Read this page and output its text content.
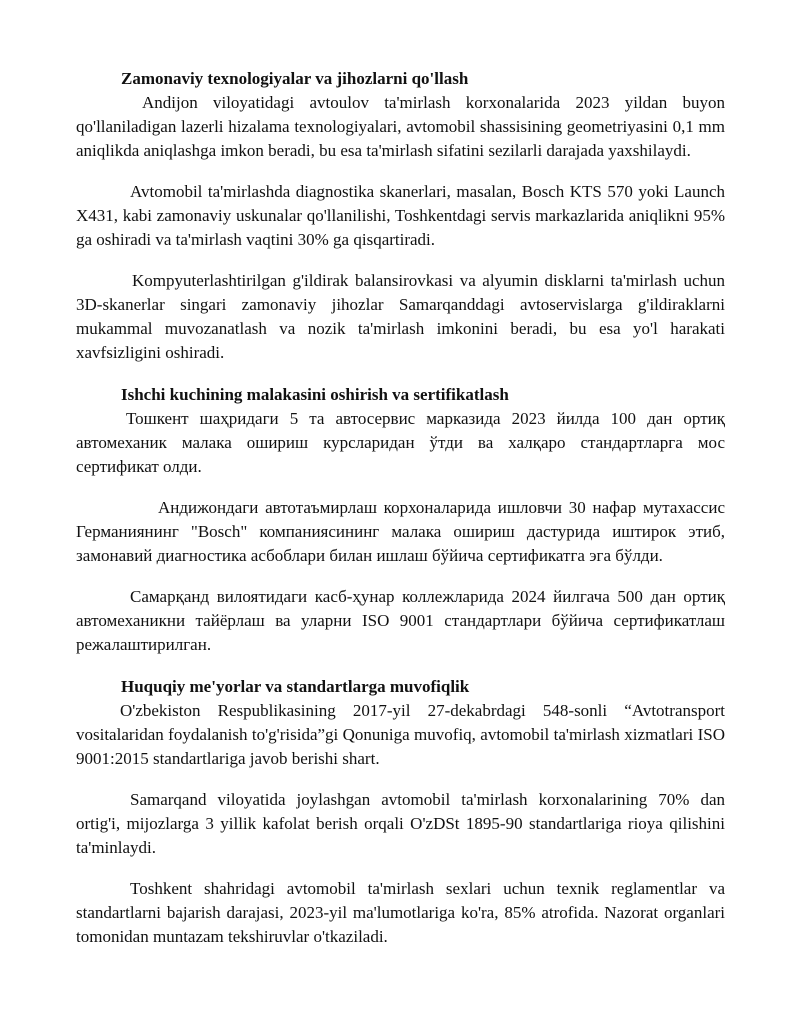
Zamonaviy texnologiyalar va jihozlarni qo'llash

Andijon viloyatidagi avtoulov ta'mirlash korxonalarida 2023 yildan buyon qo'llaniladigan lazerli hizalama texnologiyalari, avtomobil shassisining geometriyasini 0,1 mm aniqlikda aniqlashga imkon beradi, bu esa ta'mirlash sifatini sezilarli darajada yaxshilaydi.

Avtomobil ta'mirlashda diagnostika skanerlari, masalan, Bosch KTS 570 yoki Launch X431, kabi zamonaviy uskunalar qo'llanilishi, Toshkentdagi servis markazlarida aniqlikni 95% ga oshiradi va ta'mirlash vaqtini 30% ga qisqartiradi.

Kompyuterlashtirilgan g'ildirak balansirovkasi va alyumin disklarni ta'mirlash uchun 3D-skanerlar singari zamonaviy jihozlar Samarqanddagi avtoservislarga g'ildiraklarni mukammal muvozanatlash va nozik ta'mirlash imkonini beradi, bu esa yo'l harakati xavfsizligini oshiradi.

Ishchi kuchining malakasini oshirish va sertifikatlash

Тошкент шаҳридаги 5 та автосервис марказида 2023 йилда 100 дан ортиқ автомеханик малака ошириш курсларидан ўтди ва халқаро стандартларга мос сертификат олди.

Андижондаги автотаъмирлаш корхоналарида ишловчи 30 нафар мутахассис Германиянинг "Bosch" компаниясининг малака ошириш дастурида иштирок этиб, замонавий диагностика асбоблари билан ишлаш бўйича сертификатга эга бўлди.

Самарқанд вилоятидаги касб-ҳунар коллежларида 2024 йилгача 500 дан ортиқ автомеханикни тайёрлаш ва уларни ISO 9001 стандартлари бўйича сертификатлаш режалаштирилган.

Huquqiy me'yorlar va standartlarga muvofiqlik

O'zbekiston Respublikasining 2017-yil 27-dekabrdagi 548-sonli “Avtotransport vositalaridan foydalanish to'g'risida”gi Qonuniga muvofiq, avtomobil ta'mirlash xizmatlari ISO 9001:2015 standartlariga javob berishi shart.

Samarqand viloyatida joylashgan avtomobil ta'mirlash korxonalarining 70% dan ortig'i, mijozlarga 3 yillik kafolat berish orqali O'zDSt 1895-90 standartlariga rioya qilishini ta'minlaydi.

Toshkent shahridagi avtomobil ta'mirlash sexlari uchun texnik reglamentlar va standartlarni bajarish darajasi, 2023-yil ma'lumotlariga ko'ra, 85% atrofida. Nazorat organlari tomonidan muntazam tekshiruvlar o'tkaziladi.
